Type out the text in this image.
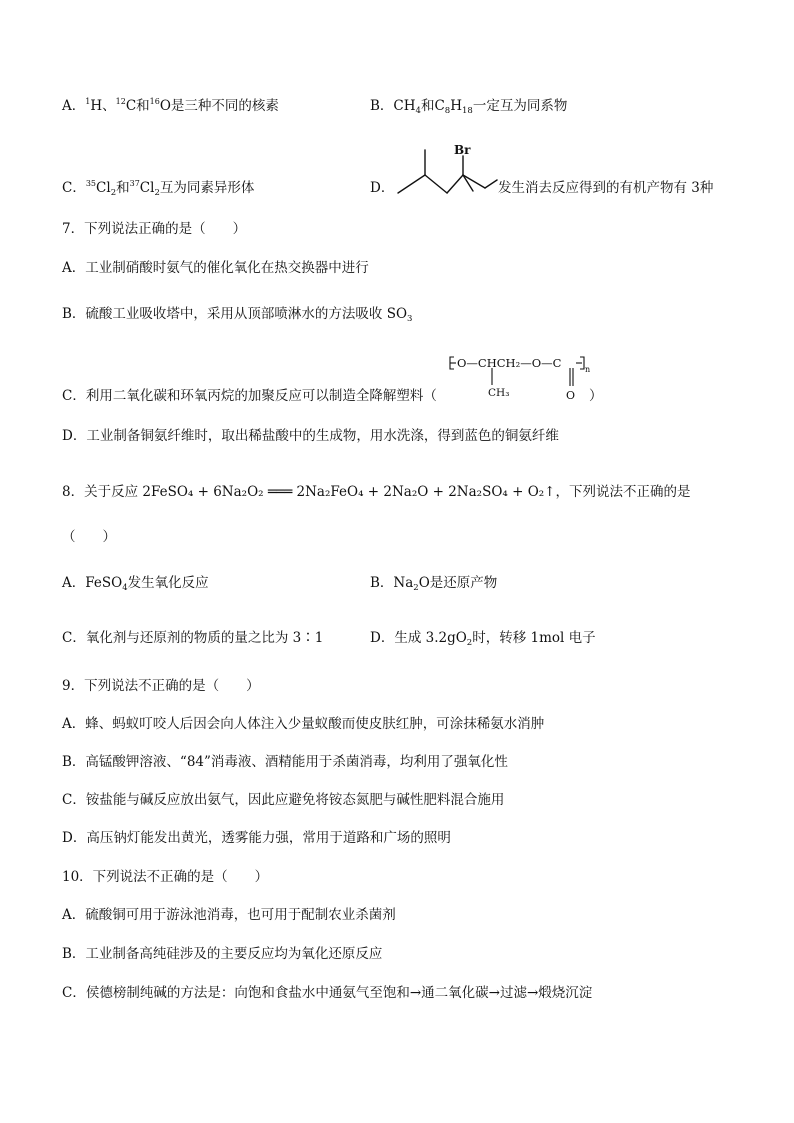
A．$^1$H、$^{12}$C和$^{16}$O是三种不同的核素	B．$CH_4$和$C_8H_{18}$一定互为同系物
C．$^{35}Cl_2$和$^{37}Cl_2$互为同素异形体	D．
Br
发生消去反应得到的有机产物有 3种
7．下列说法正确的是（　　）
A．工业制硝酸时氨气的催化氧化在热交换器中进行
B．硫酸工业吸收塔中，采用从顶部喷淋水的方法吸收 $SO_3$
O—CHCH₂—O—C
CH₃	O
n
C．利用二氧化碳和环氧丙烷的加聚反应可以制造全降解塑料（	）
D．工业制备铜氨纤维时，取出稀盐酸中的生成物，用水洗涤，得到蓝色的铜氨纤维
8．关于反应 2FeSO₄ + 6Na₂O₂ ═══ 2Na₂FeO₄ + 2Na₂O + 2Na₂SO₄ + O₂↑，下列说法不正确的是
（　　）
A．FeSO$_4$发生氧化反应	B．$Na_2O$是还原产物
C．氧化剂与还原剂的物质的量之比为 3∶1	D．生成 $3.2gO_2$时，转移 1mol 电子
9．下列说法不正确的是（　　）
A．蜂、蚂蚁叮咬人后因会向人体注入少量蚁酸而使皮肤红肿，可涂抹稀氨水消肿
B．高锰酸钾溶液、“84”消毒液、酒精能用于杀菌消毒，均利用了强氧化性
C．铵盐能与碱反应放出氨气，因此应避免将铵态氮肥与碱性肥料混合施用
D．高压钠灯能发出黄光，透雾能力强，常用于道路和广场的照明
10．下列说法不正确的是（　　）
A．硫酸铜可用于游泳池消毒，也可用于配制农业杀菌剂
B．工业制备高纯硅涉及的主要反应均为氧化还原反应
C．侯德榜制纯碱的方法是：向饱和食盐水中通氨气至饱和→通二氧化碳→过滤→煅烧沉淀
